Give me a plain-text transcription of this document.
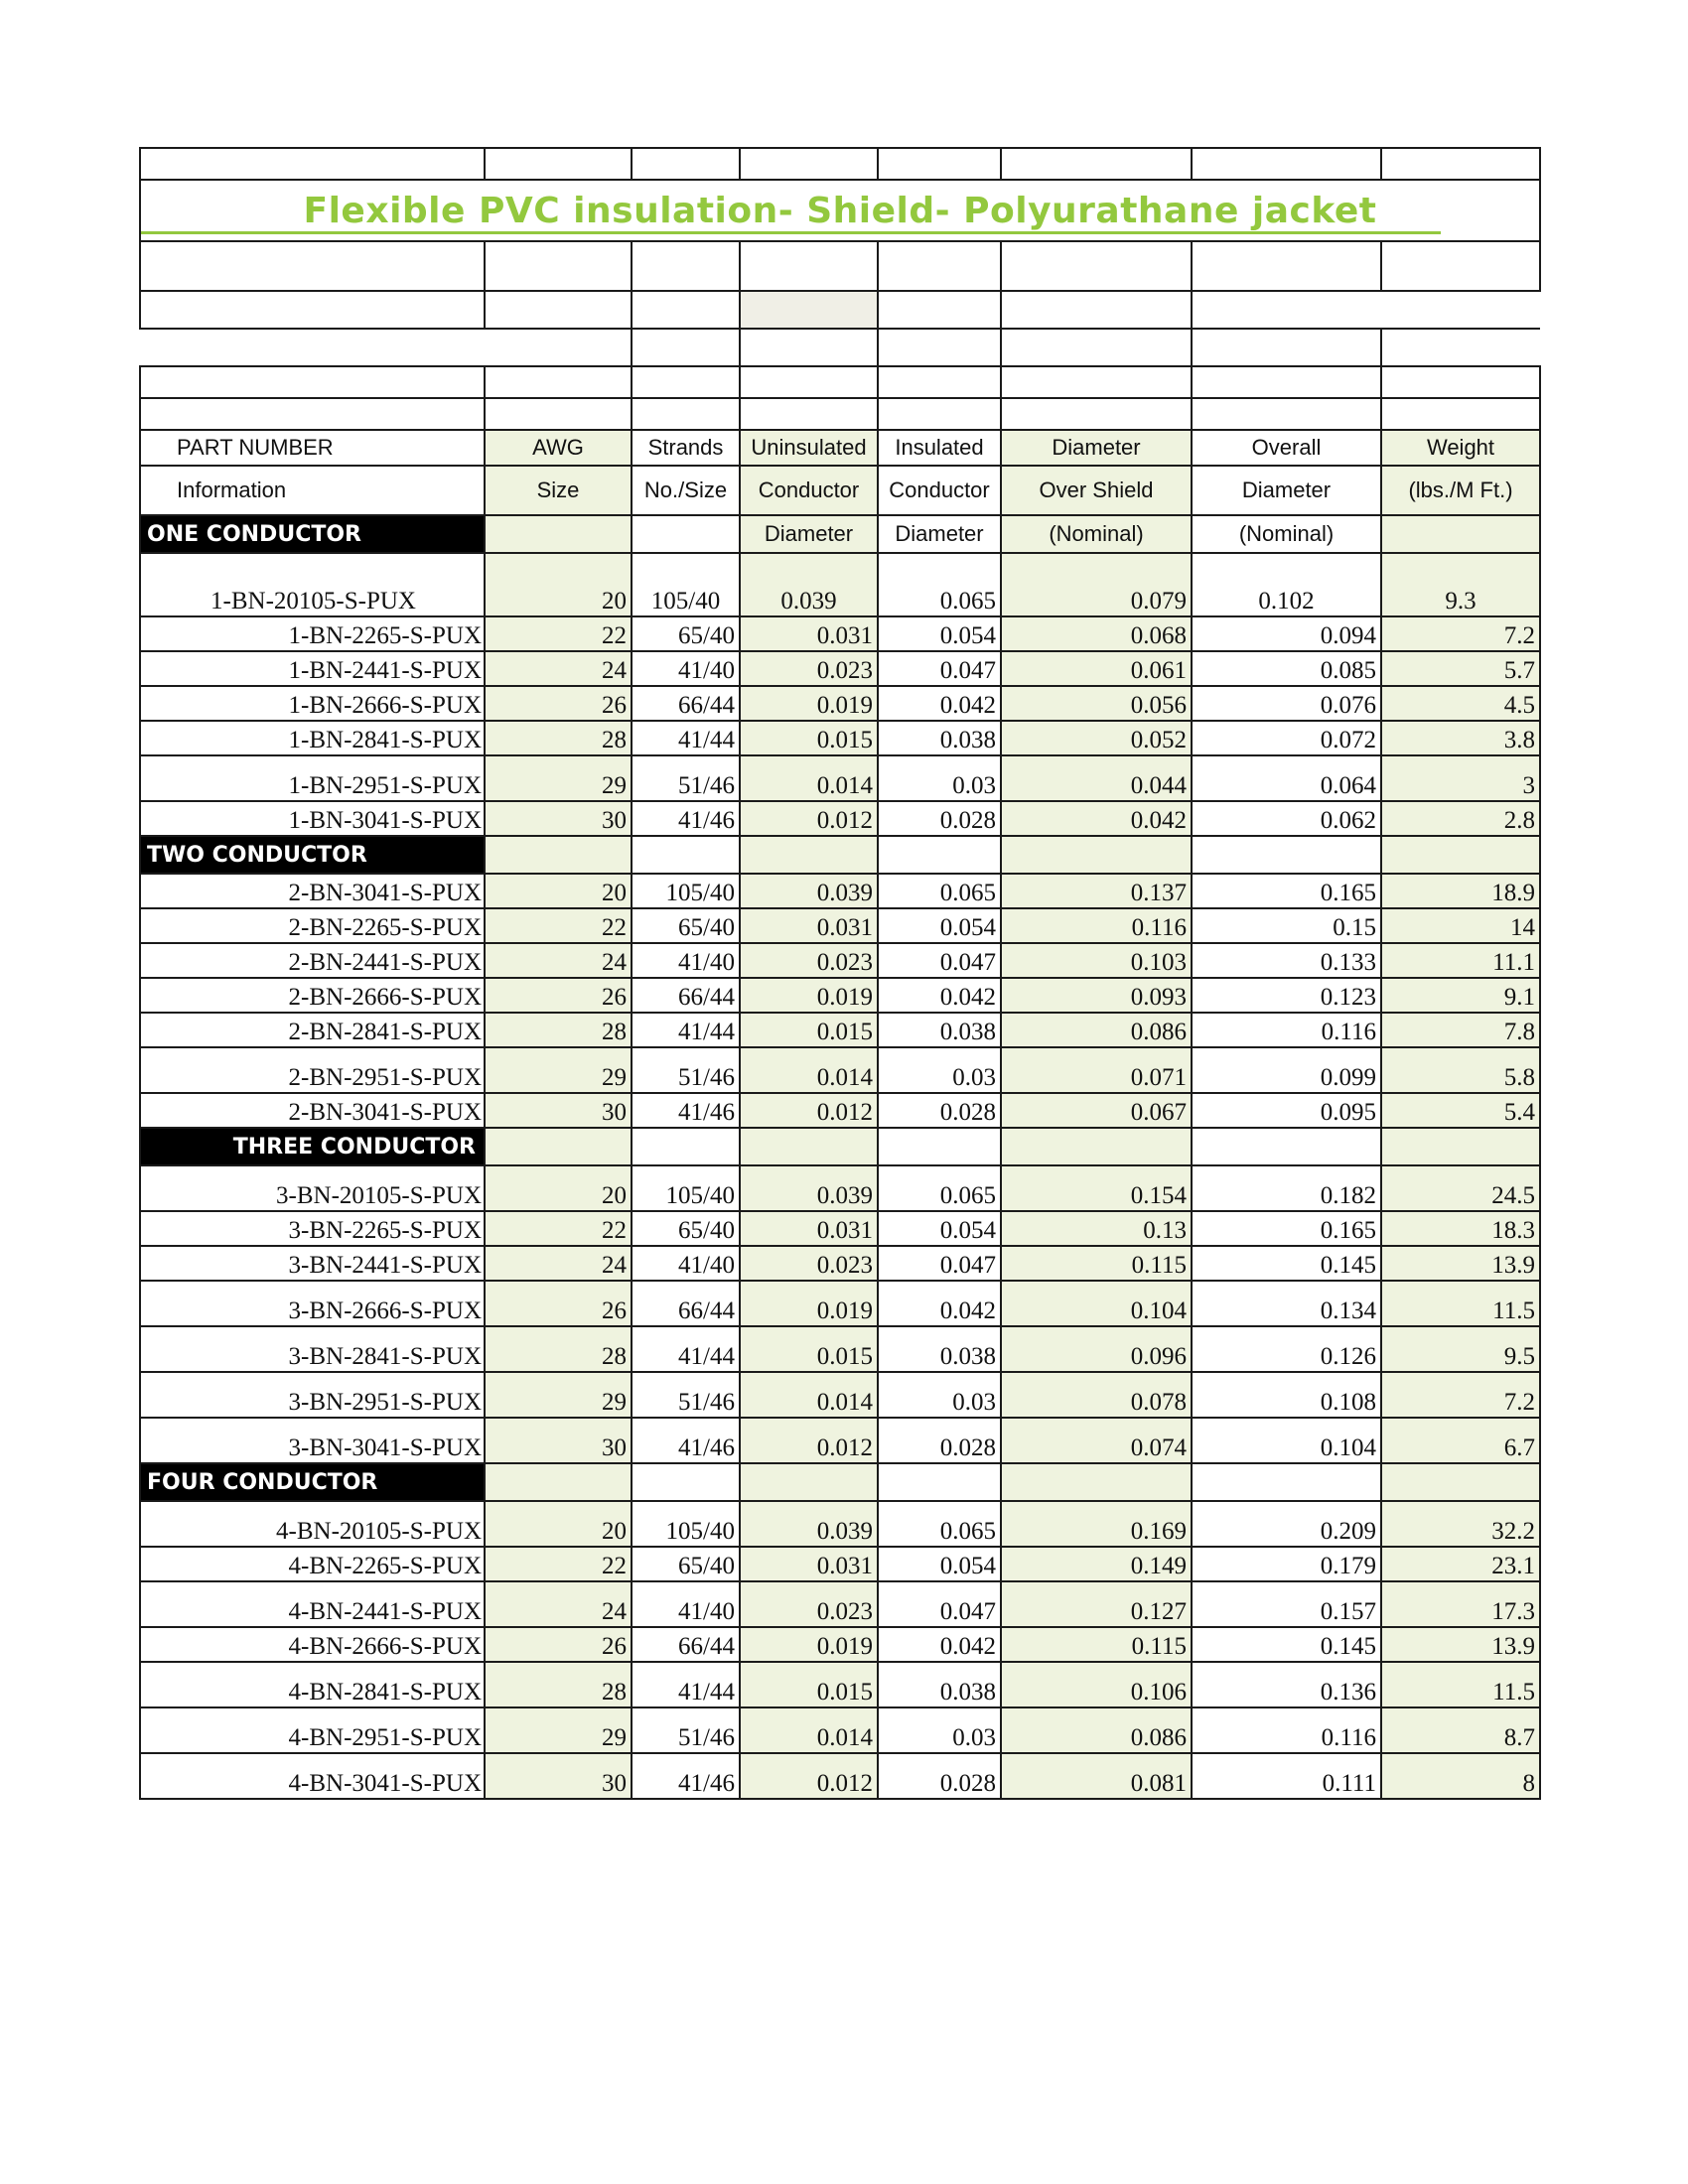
Flexible PVC insulation- Shield- Polyurathane jacket							

PART NUMBER	AWG	Strands	Uninsulated	Insulated	Diameter	Overall	Weight
Information	Size	No./Size	Conductor	Conductor	Over Shield	Diameter	(lbs./M Ft.)
ONE CONDUCTOR			Diameter	Diameter	(Nominal)	(Nominal)	
1-BN-20105-S-PUX	20	105/40	0.039	0.065	0.079	0.102	9.3
1-BN-2265-S-PUX	22	65/40	0.031	0.054	0.068	0.094	7.2
1-BN-2441-S-PUX	24	41/40	0.023	0.047	0.061	0.085	5.7
1-BN-2666-S-PUX	26	66/44	0.019	0.042	0.056	0.076	4.5
1-BN-2841-S-PUX	28	41/44	0.015	0.038	0.052	0.072	3.8
1-BN-2951-S-PUX	29	51/46	0.014	0.03	0.044	0.064	3
1-BN-3041-S-PUX	30	41/46	0.012	0.028	0.042	0.062	2.8
TWO CONDUCTOR							
2-BN-3041-S-PUX	20	105/40	0.039	0.065	0.137	0.165	18.9
2-BN-2265-S-PUX	22	65/40	0.031	0.054	0.116	0.15	14
2-BN-2441-S-PUX	24	41/40	0.023	0.047	0.103	0.133	11.1
2-BN-2666-S-PUX	26	66/44	0.019	0.042	0.093	0.123	9.1
2-BN-2841-S-PUX	28	41/44	0.015	0.038	0.086	0.116	7.8
2-BN-2951-S-PUX	29	51/46	0.014	0.03	0.071	0.099	5.8
2-BN-3041-S-PUX	30	41/46	0.012	0.028	0.067	0.095	5.4
THREE CONDUCTOR							
3-BN-20105-S-PUX	20	105/40	0.039	0.065	0.154	0.182	24.5
3-BN-2265-S-PUX	22	65/40	0.031	0.054	0.13	0.165	18.3
3-BN-2441-S-PUX	24	41/40	0.023	0.047	0.115	0.145	13.9
3-BN-2666-S-PUX	26	66/44	0.019	0.042	0.104	0.134	11.5
3-BN-2841-S-PUX	28	41/44	0.015	0.038	0.096	0.126	9.5
3-BN-2951-S-PUX	29	51/46	0.014	0.03	0.078	0.108	7.2
3-BN-3041-S-PUX	30	41/46	0.012	0.028	0.074	0.104	6.7
FOUR CONDUCTOR							
4-BN-20105-S-PUX	20	105/40	0.039	0.065	0.169	0.209	32.2
4-BN-2265-S-PUX	22	65/40	0.031	0.054	0.149	0.179	23.1
4-BN-2441-S-PUX	24	41/40	0.023	0.047	0.127	0.157	17.3
4-BN-2666-S-PUX	26	66/44	0.019	0.042	0.115	0.145	13.9
4-BN-2841-S-PUX	28	41/44	0.015	0.038	0.106	0.136	11.5
4-BN-2951-S-PUX	29	51/46	0.014	0.03	0.086	0.116	8.7
4-BN-3041-S-PUX	30	41/46	0.012	0.028	0.081	0.111	8
